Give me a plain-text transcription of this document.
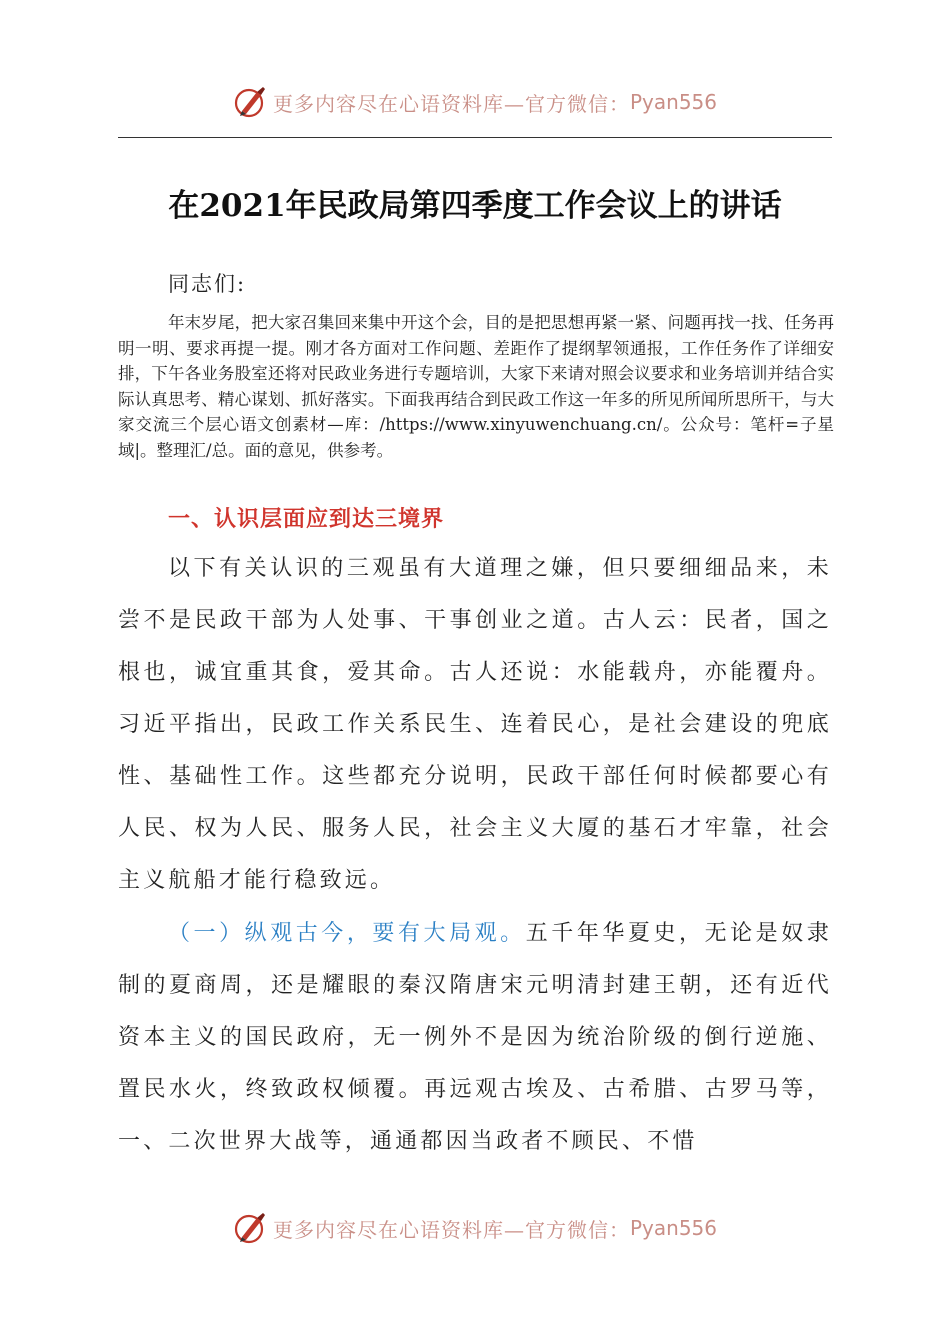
更多内容尽在心语资料库—官方微信： Pyan556
在2021年民政局第四季度工作会议上的讲话
同志们:

年末岁尾，把大家召集回来集中开这个会，目的是把思想再紧一紧、问题再找一找、任务再明一明、要求再提一提。刚才各方面对工作问题、差距作了提纲挈领通报，工作任务作了详细安排，下午各业务股室还将对民政业务进行专题培训，大家下来请对照会议要求和业务培训并结合实际认真思考、精心谋划、抓好落实。下面我再结合到民政工作这一年多的所见所闻所思所干，与大家交流三个层心语文创素材—库：/https://www.xinyuwenchuang.cn/。公众号：笔杆=子星域|。整理汇/总。面的意见，供参考。

一、认识层面应到达三境界

以下有关认识的三观虽有大道理之嫌，但只要细细品来，未尝不是民政干部为人处事、干事创业之道。古人云：民者，国之根也，诚宜重其食，爱其命。古人还说：水能载舟，亦能覆舟。习近平指出，民政工作关系民生、连着民心，是社会建设的兜底性、基础性工作。这些都充分说明，民政干部任何时候都要心有人民、权为人民、服务人民，社会主义大厦的基石才牢靠，社会主义航船才能行稳致远。

（一）纵观古今，要有大局观。五千年华夏史，无论是奴隶制的夏商周，还是耀眼的秦汉隋唐宋元明清封建王朝，还有近代资本主义的国民政府，无一例外不是因为统治阶级的倒行逆施、置民水火，终致政权倾覆。再远观古埃及、古希腊、古罗马等，一、二次世界大战等，通通都因当政者不顾民、不惜

更多内容尽在心语资料库—官方微信： Pyan556
